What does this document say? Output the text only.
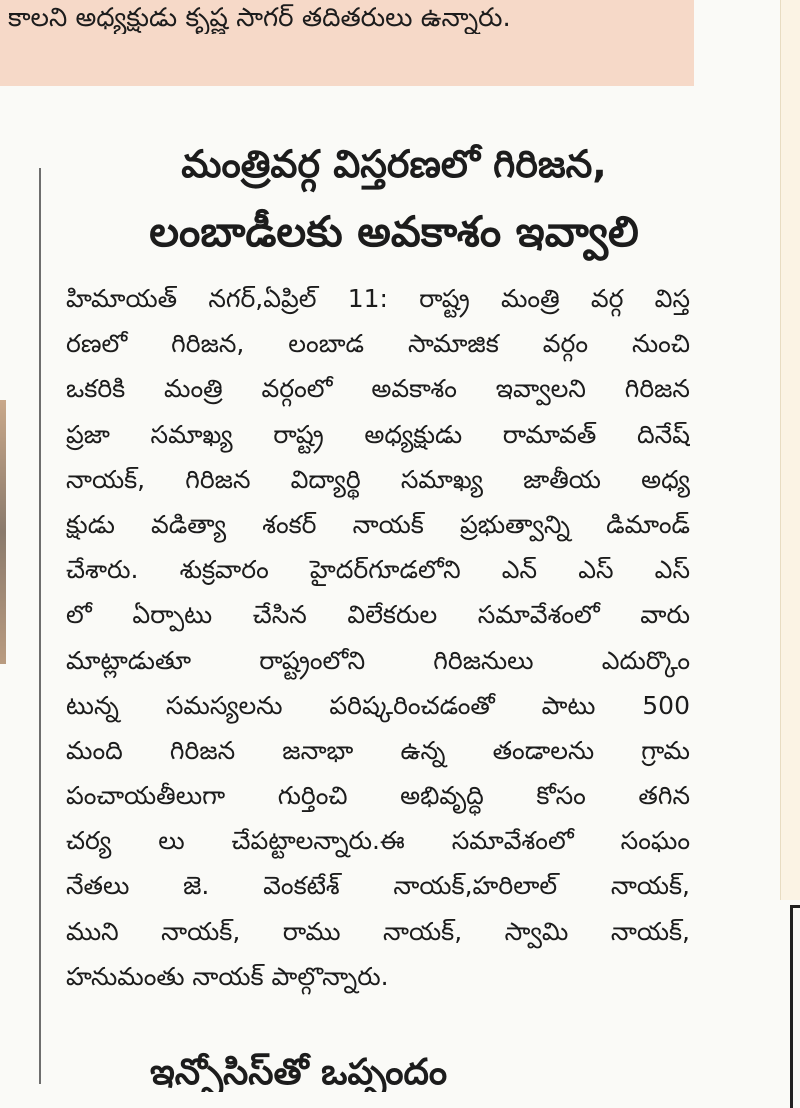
కాలని అధ్యక్షుడు కృష్ణ సాగర్ తదితరులు ఉన్నారు.
మంత్రివర్గ విస్తరణలో గిరిజన,
లంబాడీలకు అవకాశం ఇవ్వాలి
హిమాయత్ నగర్,ఏప్రిల్ 11: రాష్ట్ర మంత్రి వర్గ విస్త
రణలో గిరిజన, లంబాడ సామాజిక వర్గం నుంచి
ఒకరికి మంత్రి వర్గంలో అవకాశం ఇవ్వాలని గిరిజన
ప్రజా సమాఖ్య రాష్ట్ర అధ్యక్షుడు రామావత్ దినేష్
నాయక్, గిరిజన విద్యార్థి సమాఖ్య జాతీయ అధ్య
క్షుడు వడిత్యా శంకర్ నాయక్ ప్రభుత్వాన్ని డిమాండ్
చేశారు. శుక్రవారం హైదర్‌గూడలోని ఎన్ ఎస్ ఎస్
లో ఏర్పాటు చేసిన విలేకరుల సమావేశంలో వారు
మాట్లాడుతూ రాష్ట్రంలోని గిరిజనులు ఎదుర్కొం
టున్న సమస్యలను పరిష్కరించడంతో పాటు 500
మంది గిరిజన జనాభా ఉన్న తండాలను గ్రామ
పంచాయతీలుగా గుర్తించి అభివృద్ధి కోసం తగిన
చర్య లు చేపట్టాలన్నారు.ఈ సమావేశంలో సంఘం
నేతలు జె. వెంకటేశ్ నాయక్,హరిలాల్ నాయక్,
ముని నాయక్, రాము నాయక్, స్వామి నాయక్,
హనుమంతు నాయక్ పాల్గొన్నారు.
ఇన్ఫోసిస్‌తో ఒప్పందం
